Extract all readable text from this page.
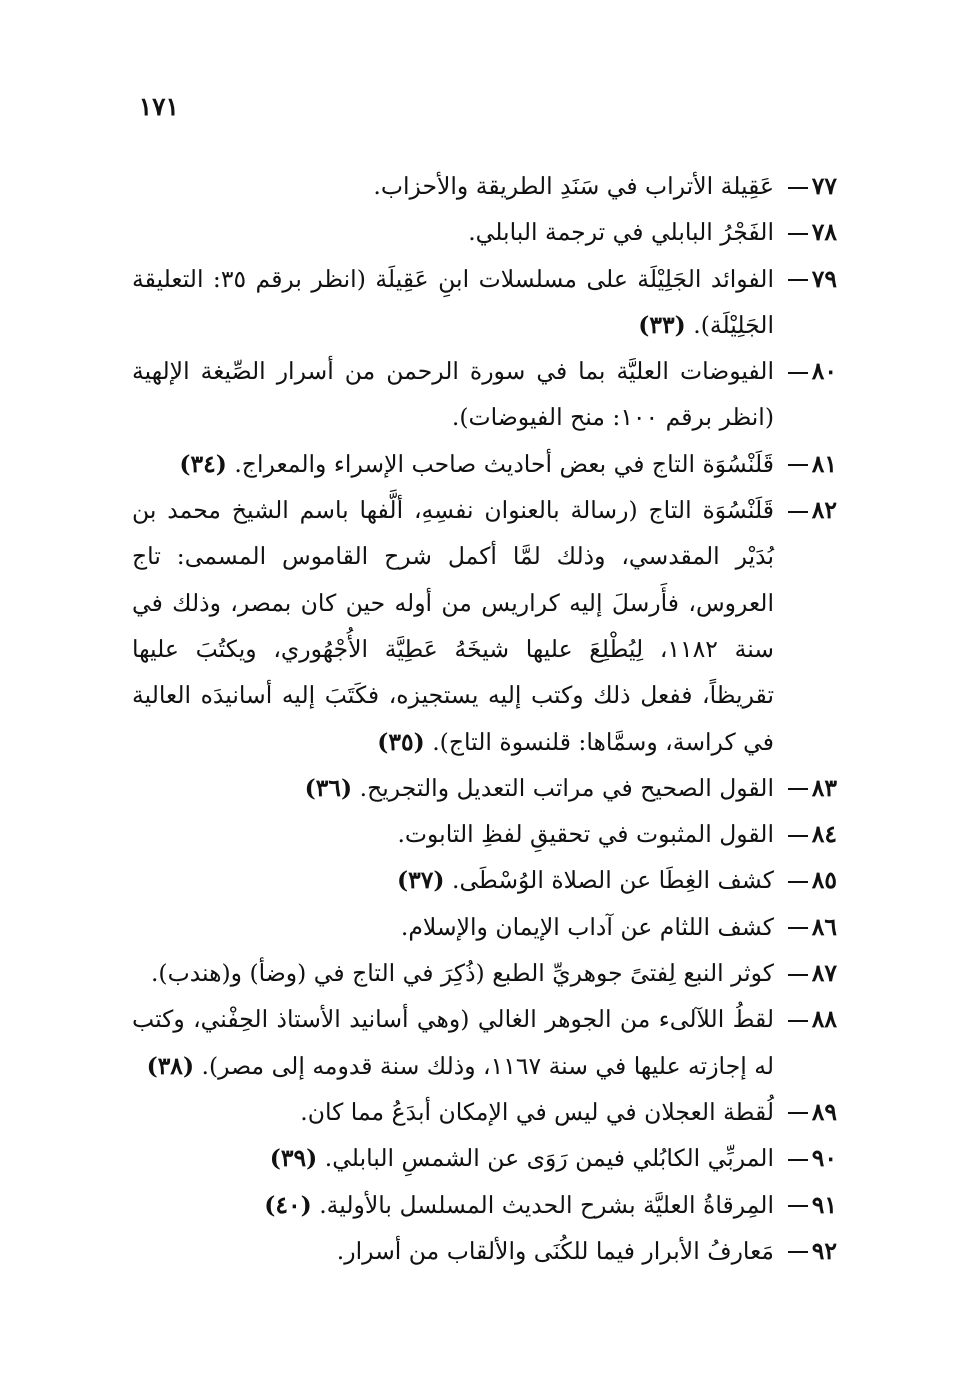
١٧١
٧٧
عَقِيلة الأتراب في سَنَدِ الطريقة والأحزاب.
٧٨
الفَجْرُ البابلي في ترجمة البابلي.
٧٩
الفوائد الجَلِيْلَة على مسلسلات ابنِ عَقِيلَة (انظر برقم ٣٥: التعليقة الجَلِيْلَة). (٣٣)
٨٠
الفيوضات العليَّة بما في سورة الرحمن من أسرار الصِّيغة الإلهية (انظر برقم ١٠٠: منح الفيوضات).
٨١
قَلَنْسُوَة التاج في بعض أحاديث صاحب الإسراء والمعراج. (٣٤)
٨٢
قَلَنْسُوَة التاج (رسالة بالعنوان نفسِهِ، ألَّفها باسم الشيخ محمد بن بُدَيْر المقدسي، وذلك لمَّا أكمل شرح القاموس المسمى: تاج العروس، فأَرسلَ إليه كراريس من أوله حين كان بمصر، وذلك في سنة ١١٨٢، لِيُطْلِعَ عليها شيخَهُ عَطِيَّة الأُجْهُوري، ويكتُبَ عليها تقريظاً، ففعل ذلك وكتب إليه يستجيزه، فكَتَبَ إليه أسانيدَه العالية في كراسة، وسمَّاها: قلنسوة التاج). (٣٥)
٨٣
القول الصحيح في مراتب التعديل والتجريح. (٣٦)
٨٤
القول المثبوت في تحقيقِ لفظِ التابوت.
٨٥
كشف الغِطَا عن الصلاة الوُسْطَى. (٣٧)
٨٦
كشف اللثام عن آداب الإيمان والإسلام.
٨٧
كوثر النبع لِفتىً جوهريِّ الطبع (ذُكِرَ في التاج في (وضأ) و(هندب).
٨٨
لقطُ اللآلىء من الجوهر الغالي (وهي أسانيد الأستاذ الحِفْني، وكتب له إجازته عليها في سنة ١١٦٧، وذلك سنة قدومه إلى مصر). (٣٨)
٨٩
لُقطة العجلان في ليس في الإمكان أبدَعُ مما كان.
٩٠
المربِّي الكابُلي فيمن رَوَى عن الشمسِ البابلي. (٣٩)
٩١
المِرقاةُ العليَّة بشرح الحديث المسلسل بالأولية. (٤٠)
٩٢
مَعارفُ الأبرار فيما للكُنَى والألقاب من أسرار.
